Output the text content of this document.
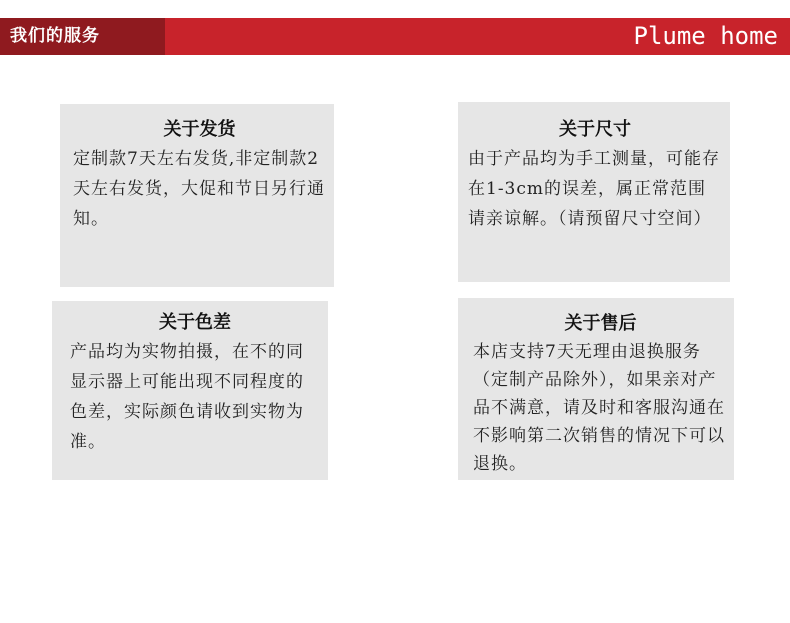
我们的服务	Plume home
关于发货
定制款7天左右发货,非定制款2天左右发货，大促和节日另行通知。
关于尺寸
由于产品均为手工测量，可能存在1-3cm的误差，属正常范围请亲谅解。（请预留尺寸空间）
关于色差
产品均为实物拍摄，在不的同显示器上可能出现不同程度的色差，实际颜色请收到实物为准。
关于售后
本店支持7天无理由退换服务（定制产品除外），如果亲对产品不满意，请及时和客服沟通在不影响第二次销售的情况下可以退换。
